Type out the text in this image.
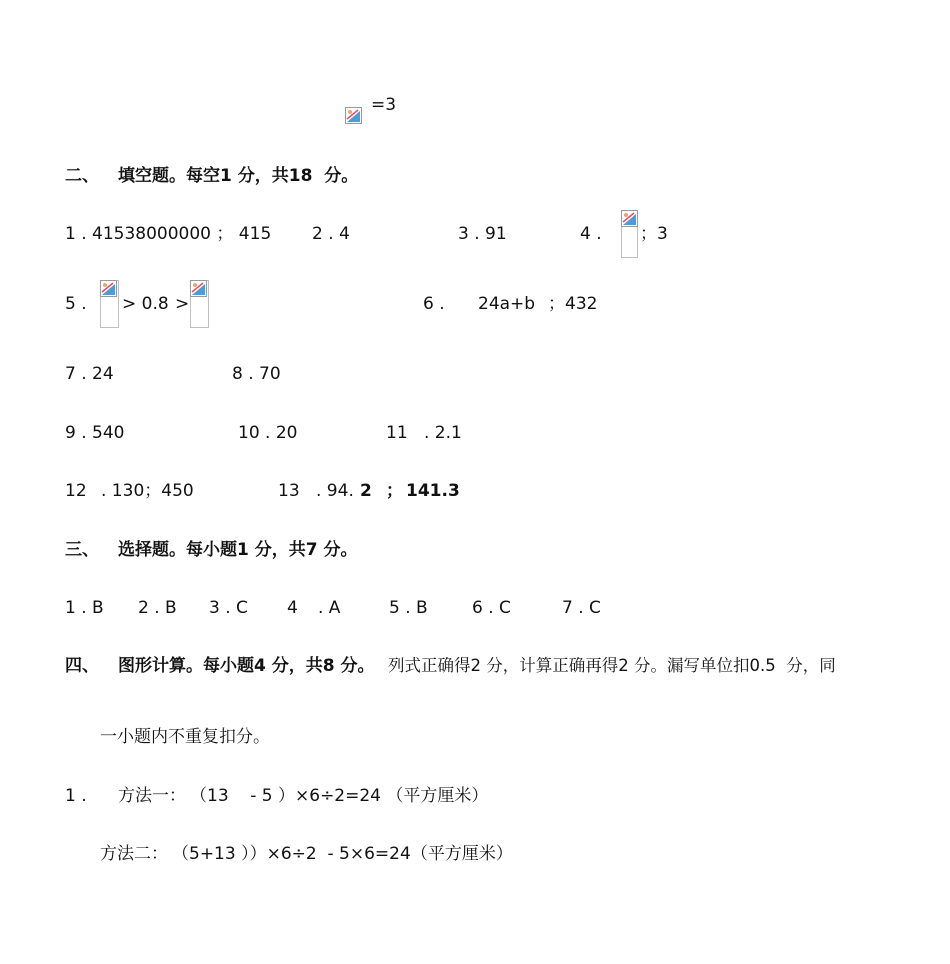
=3
二、 填空题。每空1 分，共18  分。
1 . 41538000000 ； 415 2 . 4	3 . 91	4 . ；3
5 . > 0.8 >	6 . 24a+b ；432
7 . 24	8 . 70
9 . 540	10 . 20	11 . 2.1
12 . 130；450	13 . 94. 2 ； 141.3
三、 选择题。每小题1 分，共7 分。
1 . B 2 . B 3 . C 4 . A	5 . B	6 . C	7 . C
四、 图形计算。每小题4 分，共8 分。 列式正确得2 分，计算正确再得2 分。漏写单位扣0.5  分，同
一小题内不重复扣分。
1 . 方法一： （13    - 5 ）×6÷2=24 （平方厘米）
方法二： （5+13 ））×6÷2  - 5×6=24（平方厘米）
